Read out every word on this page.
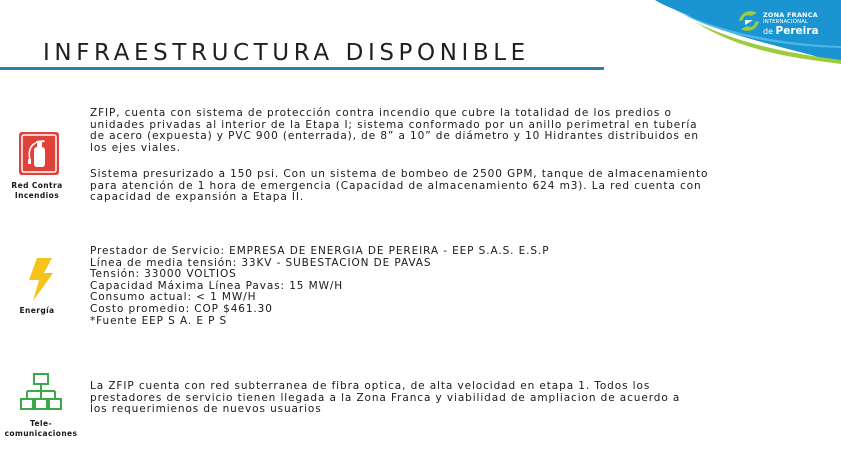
ZONA FRANCA
INTERNACIONAL
de Pereira
INFRAESTRUCTURA DISPONIBLE
Red Contra
Incendios

ZFIP, cuenta con sistema de protección contra incendio que cubre la totalidad de los predios o
unidades privadas al interior de la Etapa I; sistema conformado por un anillo perimetral en tubería
de acero (expuesta) y PVC 900 (enterrada), de 8” a 10” de diámetro y 10 Hidrantes distribuidos en
los ejes viales.

Sistema presurizado a 150 psi. Con un sistema de bombeo de 2500 GPM, tanque de almacenamiento
para atención de 1 hora de emergencia (Capacidad de almacenamiento 624 m3). La red cuenta con
capacidad de expansión a Etapa II.

Energía

Prestador de Servicio: EMPRESA DE ENERGIA DE PEREIRA - EEP S.A.S. E.S.P
Línea de media tensión: 33KV - SUBESTACION DE PAVAS
Tensión: 33000 VOLTIOS
Capacidad Máxima Línea Pavas: 15 MW/H
Consumo actual: < 1 MW/H
Costo promedio: COP $461.30
*Fuente EEP S A. E P S

Tele-
comunicaciones

La ZFIP cuenta con red subterranea de fibra optica, de alta velocidad en etapa 1. Todos los
prestadores de servicio tienen llegada a la Zona Franca y viabilidad de ampliacion de acuerdo a
los requerimienos de nuevos usuarios
